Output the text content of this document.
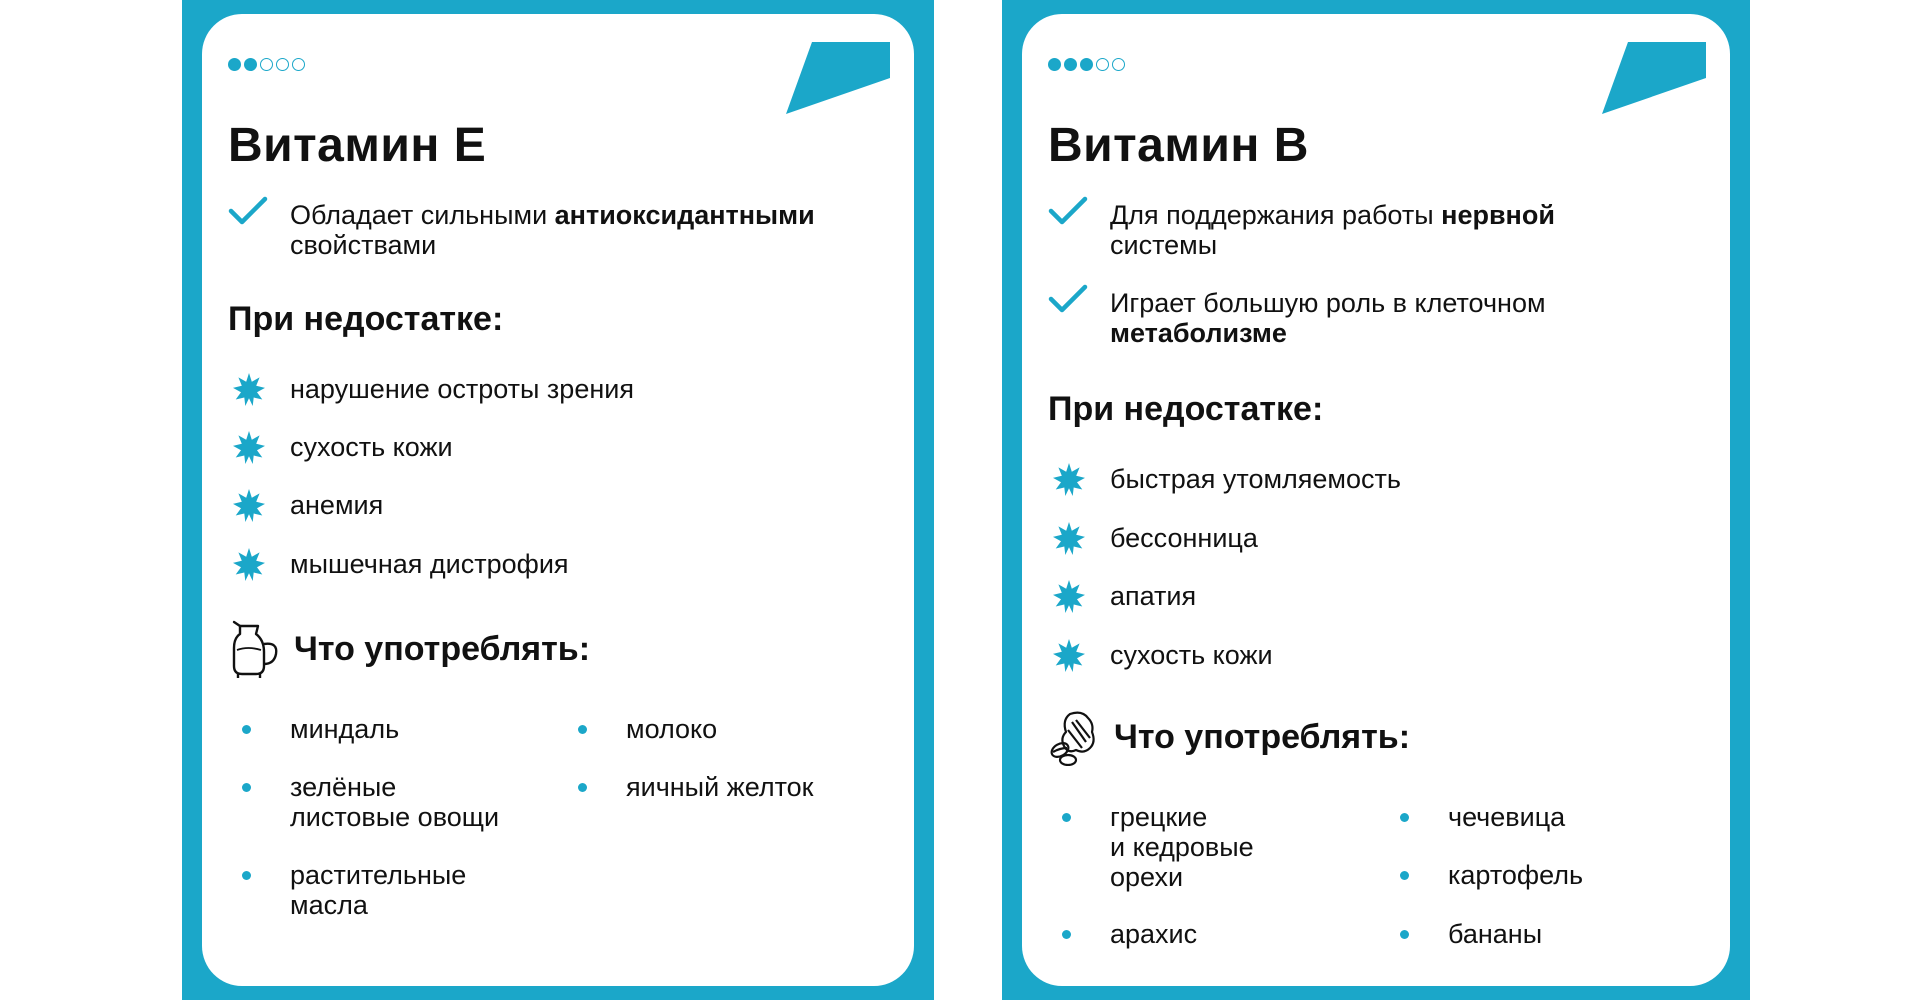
Витамин Е
Обладает сильными антиоксидантными
свойствами
При недостатке:
нарушение остроты зрения
сухость кожи
анемия
мышечная дистрофия
Что употреблять:
миндаль
зелёные
листовые овощи
растительные
масла
молоко
яичный желток
Витамин В
Для поддержания работы нервной
системы
Играет большую роль в клеточном
метаболизме
При недостатке:
быстрая утомляемость
бессонница
апатия
сухость кожи
Что употреблять:
грецкие
и кедровые
орехи
арахис
чечевица
картофель
бананы
